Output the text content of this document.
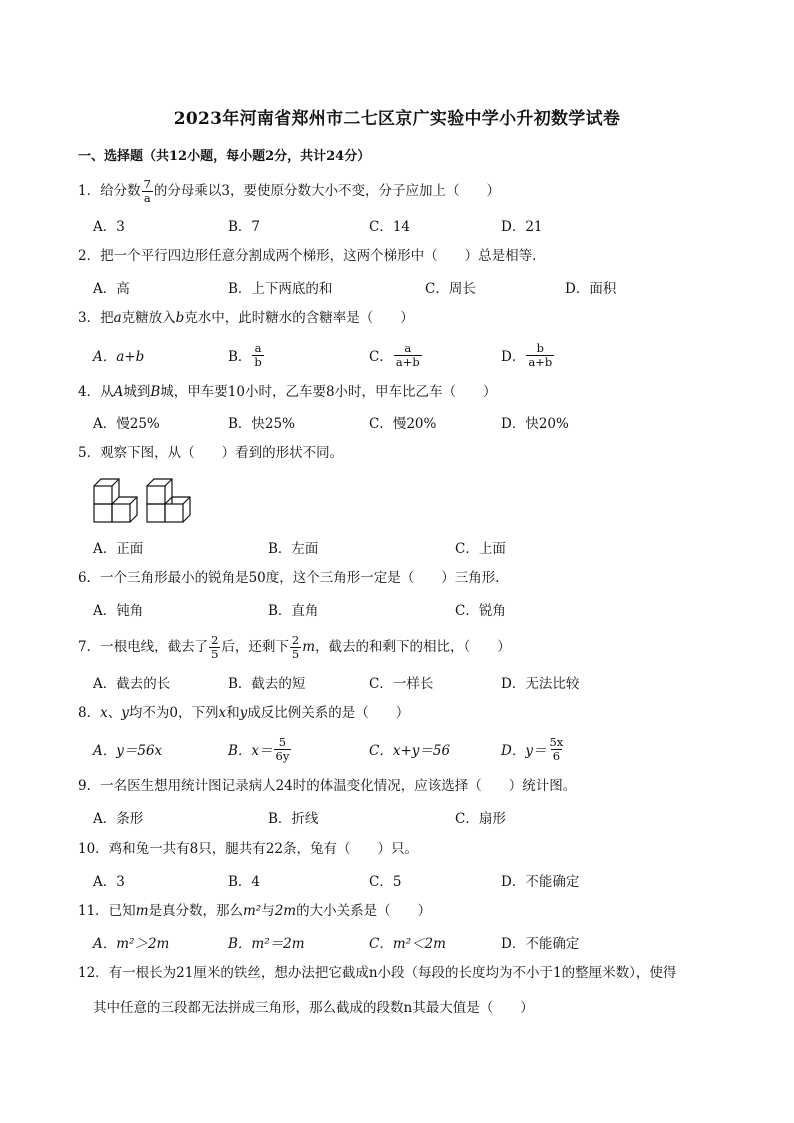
2023年河南省郑州市二七区京广实验中学小升初数学试卷
一、选择题（共12小题，每小题2分，共计24分）
1．给分数 $\frac{7}{a}$ 的分母乘以3，要使原分数大小不变，分子应加上（　　）
A．3	B．7	C．14	D．21
2．把一个平行四边形任意分割成两个梯形，这两个梯形中（　　）总是相等．
A．高	B．上下两底的和	C．周长	D．面积
3．把a克糖放入b克水中，此时糖水的含糖率是（　　）
A．a+b	B． $\frac{a}{b}$	C． $\frac{a}{a+b}$	D． $\frac{b}{a+b}$
4．从A城到B城，甲车要10小时，乙车要8小时，甲车比乙车（　　）
A．慢25%	B．快25%	C．慢20%	D．快20%
5．观察下图，从（　　）看到的形状不同。
A．正面	B．左面	C．上面
6．一个三角形最小的锐角是50度，这个三角形一定是（　　）三角形．
A．钝角	B．直角	C．锐角
7．一根电线，截去了 $\frac{2}{5}$ 后，还剩下 $\frac{2}{5}$ m，截去的和剩下的相比，（　　）
A．截去的长	B．截去的短	C．一样长	D．无法比较
8．x、y均不为0，下列x和y成反比例关系的是（　　）
A．y＝56x	B．$x= \frac{5}{6y}$	C．x+y＝56	D．$y= \frac{5x}{6}$
9．一名医生想用统计图记录病人24时的体温变化情况，应该选择（　　）统计图。
A．条形	B．折线	C．扇形
10．鸡和兔一共有8只，腿共有22条，兔有（　　）只。
A．3	B．4	C．5	D．不能确定
11．已知m是真分数，那么m²与2m的大小关系是（　　）
A．m²＞2m	B．m²＝2m	C．m²＜2m	D．不能确定
12．有一根长为21厘米的铁丝，想办法把它截成n小段（每段的长度均为不小于1的整厘米数），使得
其中任意的三段都无法拼成三角形，那么截成的段数n其最大值是（　　）
